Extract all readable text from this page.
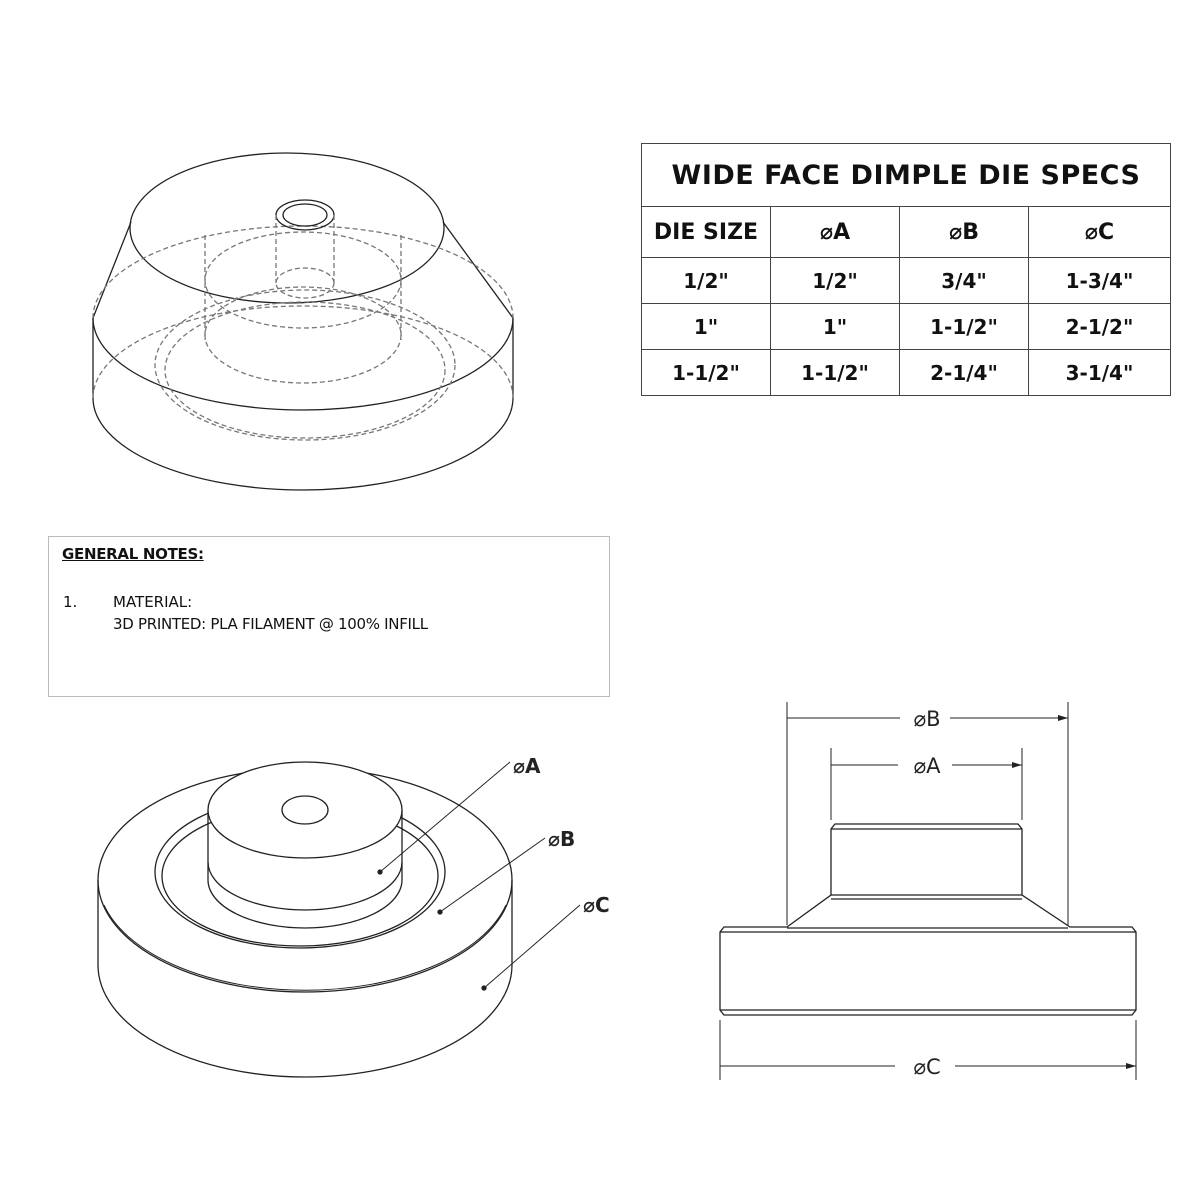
⌀A
⌀B
⌀C
⌀B
⌀A
⌀C
WIDE FACE DIMPLE DIE SPECS			
DIE SIZE	⌀A	⌀B	⌀C
1/2"	1/2"	3/4"	1-3/4"
1"	1"	1-1/2"	2-1/2"
1-1/2"	1-1/2"	2-1/4"	3-1/4"
GENERAL NOTES:
1. MATERIAL:
3D PRINTED: PLA FILAMENT @ 100% INFILL
